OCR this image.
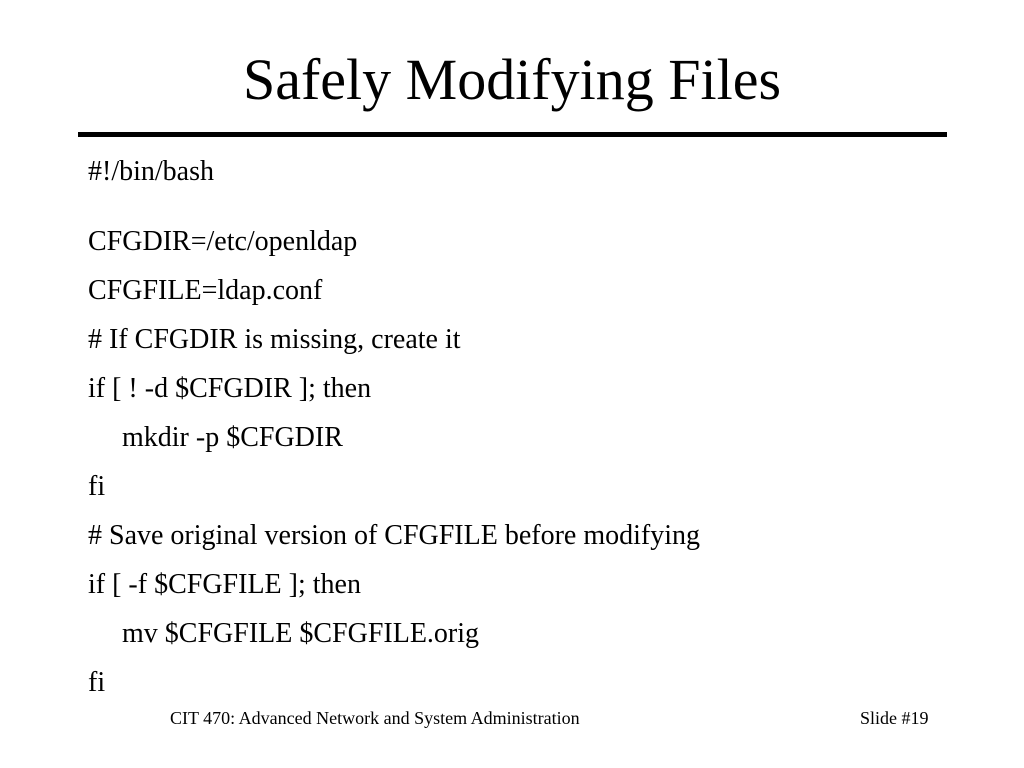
Safely Modifying Files
#!/bin/bash
CFGDIR=/etc/openldap
CFGFILE=ldap.conf
# If CFGDIR is missing, create it
if [ ! -d $CFGDIR ]; then
mkdir -p $CFGDIR
fi
# Save original version of CFGFILE before modifying
if [ -f $CFGFILE ]; then
mv $CFGFILE $CFGFILE.orig
fi
CIT 470: Advanced Network and System Administration	Slide #19
